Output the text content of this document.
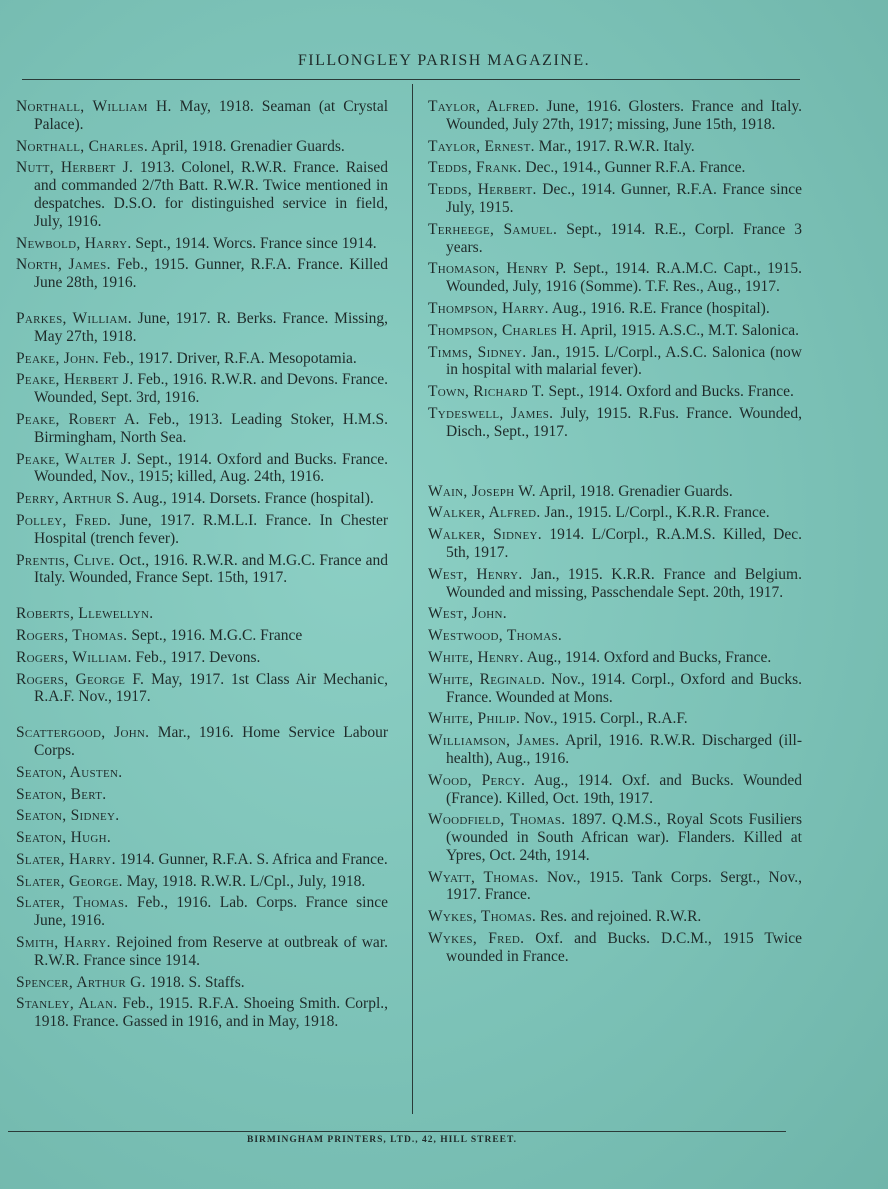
FILLONGLEY PARISH MAGAZINE.

Northall, William H. May, 1918. Seaman (at Crystal Palace).

Northall, Charles. April, 1918. Grenadier Guards.

Nutt, Herbert J. 1913. Colonel, R.W.R. France. Raised and commanded 2/7th Batt. R.W.R. Twice mentioned in despatches. D.S.O. for distinguished service in field, July, 1916.

Newbold, Harry. Sept., 1914. Worcs. France since 1914.

North, James. Feb., 1915. Gunner, R.F.A. France. Killed June 28th, 1916.

Parkes, William. June, 1917. R. Berks. France. Missing, May 27th, 1918.

Peake, John. Feb., 1917. Driver, R.F.A. Mesopotamia.

Peake, Herbert J. Feb., 1916. R.W.R. and Devons. France. Wounded, Sept. 3rd, 1916.

Peake, Robert A. Feb., 1913. Leading Stoker, H.M.S. Birmingham, North Sea.

Peake, Walter J. Sept., 1914. Oxford and Bucks. France. Wounded, Nov., 1915; killed, Aug. 24th, 1916.

Perry, Arthur S. Aug., 1914. Dorsets. France (hospital).

Polley, Fred. June, 1917. R.M.L.I. France. In Chester Hospital (trench fever).

Prentis, Clive. Oct., 1916. R.W.R. and M.G.C. France and Italy. Wounded, France Sept. 15th, 1917.

Roberts, Llewellyn.

Rogers, Thomas. Sept., 1916. M.G.C. France

Rogers, William. Feb., 1917. Devons.

Rogers, George F. May, 1917. 1st Class Air Mechanic, R.A.F. Nov., 1917.

Scattergood, John. Mar., 1916. Home Service Labour Corps.

Seaton, Austen.

Seaton, Bert.

Seaton, Sidney.

Seaton, Hugh.

Slater, Harry. 1914. Gunner, R.F.A. S. Africa and France.

Slater, George. May, 1918. R.W.R. L/Cpl., July, 1918.

Slater, Thomas. Feb., 1916. Lab. Corps. France since June, 1916.

Smith, Harry. Rejoined from Reserve at outbreak of war. R.W.R. France since 1914.

Spencer, Arthur G. 1918. S. Staffs.

Stanley, Alan. Feb., 1915. R.F.A. Shoeing Smith. Corpl., 1918. France. Gassed in 1916, and in May, 1918.

Taylor, Alfred. June, 1916. Glosters. France and Italy. Wounded, July 27th, 1917; missing, June 15th, 1918.

Taylor, Ernest. Mar., 1917. R.W.R. Italy.

Tedds, Frank. Dec., 1914., Gunner R.F.A. France.

Tedds, Herbert. Dec., 1914. Gunner, R.F.A. France since July, 1915.

Terheege, Samuel. Sept., 1914. R.E., Corpl. France 3 years.

Thomason, Henry P. Sept., 1914. R.A.M.C. Capt., 1915. Wounded, July, 1916 (Somme). T.F. Res., Aug., 1917.

Thompson, Harry. Aug., 1916. R.E. France (hospital).

Thompson, Charles H. April, 1915. A.S.C., M.T. Salonica.

Timms, Sidney. Jan., 1915. L/Corpl., A.S.C. Salonica (now in hospital with malarial fever).

Town, Richard T. Sept., 1914. Oxford and Bucks. France.

Tydeswell, James. July, 1915. R.Fus. France. Wounded, Disch., Sept., 1917.

Wain, Joseph W. April, 1918. Grenadier Guards.

Walker, Alfred. Jan., 1915. L/Corpl., K.R.R. France.

Walker, Sidney. 1914. L/Corpl., R.A.M.S. Killed, Dec. 5th, 1917.

West, Henry. Jan., 1915. K.R.R. France and Belgium. Wounded and missing, Passchendale Sept. 20th, 1917.

West, John.

Westwood, Thomas.

White, Henry. Aug., 1914. Oxford and Bucks, France.

White, Reginald. Nov., 1914. Corpl., Oxford and Bucks. France. Wounded at Mons.

White, Philip. Nov., 1915. Corpl., R.A.F.

Williamson, James. April, 1916. R.W.R. Discharged (ill-health), Aug., 1916.

Wood, Percy. Aug., 1914. Oxf. and Bucks. Wounded (France). Killed, Oct. 19th, 1917.

Woodfield, Thomas. 1897. Q.M.S., Royal Scots Fusiliers (wounded in South African war). Flanders. Killed at Ypres, Oct. 24th, 1914.

Wyatt, Thomas. Nov., 1915. Tank Corps. Sergt., Nov., 1917. France.

Wykes, Thomas. Res. and rejoined. R.W.R.

Wykes, Fred. Oxf. and Bucks. D.C.M., 1915 Twice wounded in France.

BIRMINGHAM PRINTERS, LTD., 42, HILL STREET.
